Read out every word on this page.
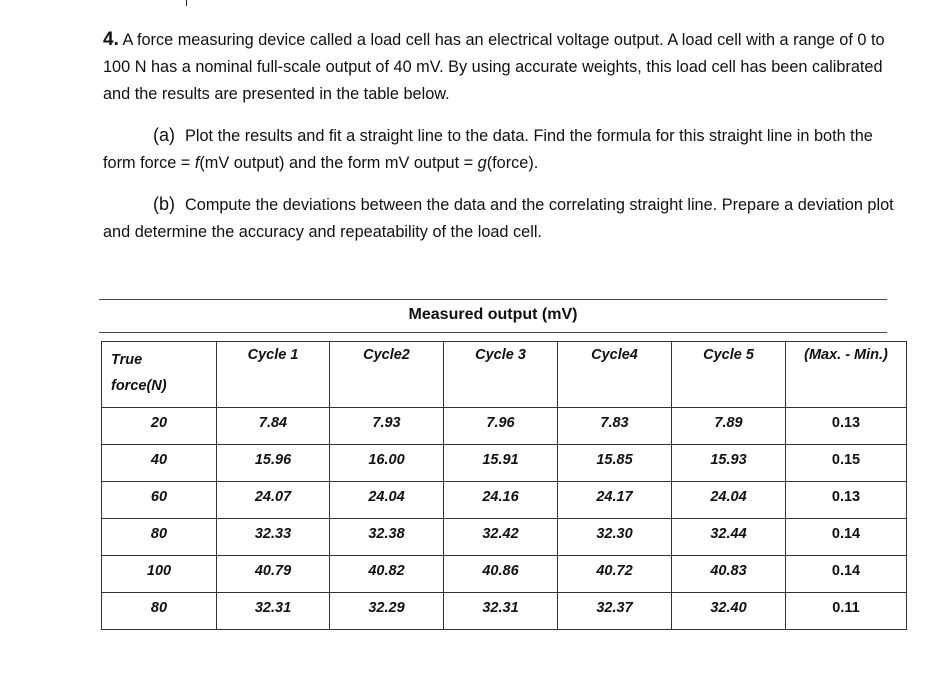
4. A force measuring device called a load cell has an electrical voltage output. A load cell with a range of 0 to 100 N has a nominal full-scale output of 40 mV. By using accurate weights, this load cell has been calibrated and the results are presented in the table below.

(a) Plot the results and fit a straight line to the data. Find the formula for this straight line in both the form force = f(mV output) and the form mV output = g(force).

(b) Compute the deviations between the data and the correlating straight line. Prepare a deviation plot and determine the accuracy and repeatability of the load cell.

Measured output (mV)
True
force(N)	Cycle 1	Cycle2	Cycle 3	Cycle4	Cycle 5	(Max. - Min.)
20	7.84	7.93	7.96	7.83	7.89	0.13
40	15.96	16.00	15.91	15.85	15.93	0.15
60	24.07	24.04	24.16	24.17	24.04	0.13
80	32.33	32.38	32.42	32.30	32.44	0.14
100	40.79	40.82	40.86	40.72	40.83	0.14
80	32.31	32.29	32.31	32.37	32.40	0.11
